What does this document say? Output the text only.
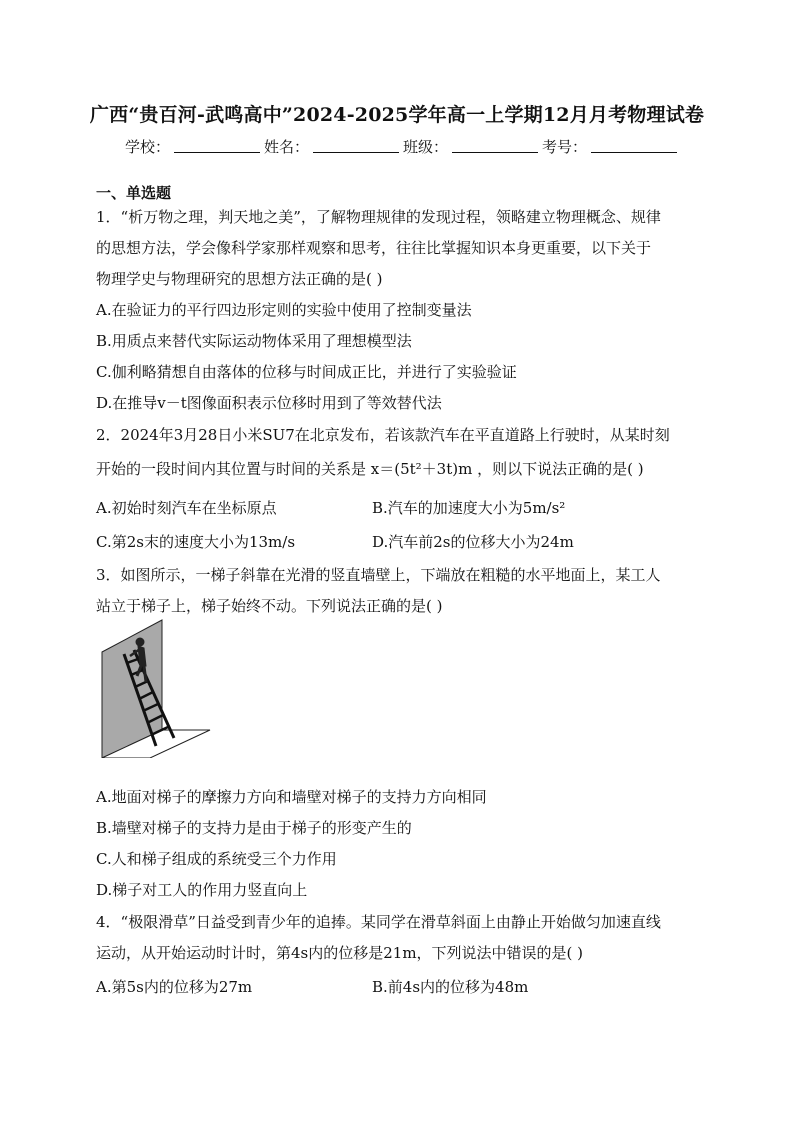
广西“贵百河-武鸣高中”2024-2025学年高一上学期12月月考物理试卷
学校：	姓名：	班级：	考号：
一、单选题
1．“析万物之理，判天地之美”，了解物理规律的发现过程，领略建立物理概念、规律
的思想方法，学会像科学家那样观察和思考，往往比掌握知识本身更重要，以下关于
物理学史与物理研究的思想方法正确的是( )
A.在验证力的平行四边形定则的实验中使用了控制变量法
B.用质点来替代实际运动物体采用了理想模型法
C.伽利略猜想自由落体的位移与时间成正比，并进行了实验验证
D.在推导v－t图像面积表示位移时用到了等效替代法
2．2024年3月28日小米SU7在北京发布，若该款汽车在平直道路上行驶时，从某时刻
开始的一段时间内其位置与时间的关系是 x＝(5t²＋3t)m ，则以下说法正确的是( )
A.初始时刻汽车在坐标原点	B.汽车的加速度大小为5m/s²
C.第2s末的速度大小为13m/s	D.汽车前2s的位移大小为24m
3．如图所示，一梯子斜靠在光滑的竖直墙壁上，下端放在粗糙的水平地面上，某工人
站立于梯子上，梯子始终不动。下列说法正确的是( )
A.地面对梯子的摩擦力方向和墙壁对梯子的支持力方向相同
B.墙壁对梯子的支持力是由于梯子的形变产生的
C.人和梯子组成的系统受三个力作用
D.梯子对工人的作用力竖直向上
4．“极限滑草”日益受到青少年的追捧。某同学在滑草斜面上由静止开始做匀加速直线
运动，从开始运动时计时，第4s内的位移是21m，下列说法中错误的是( )
A.第5s内的位移为27m	B.前4s内的位移为48m
